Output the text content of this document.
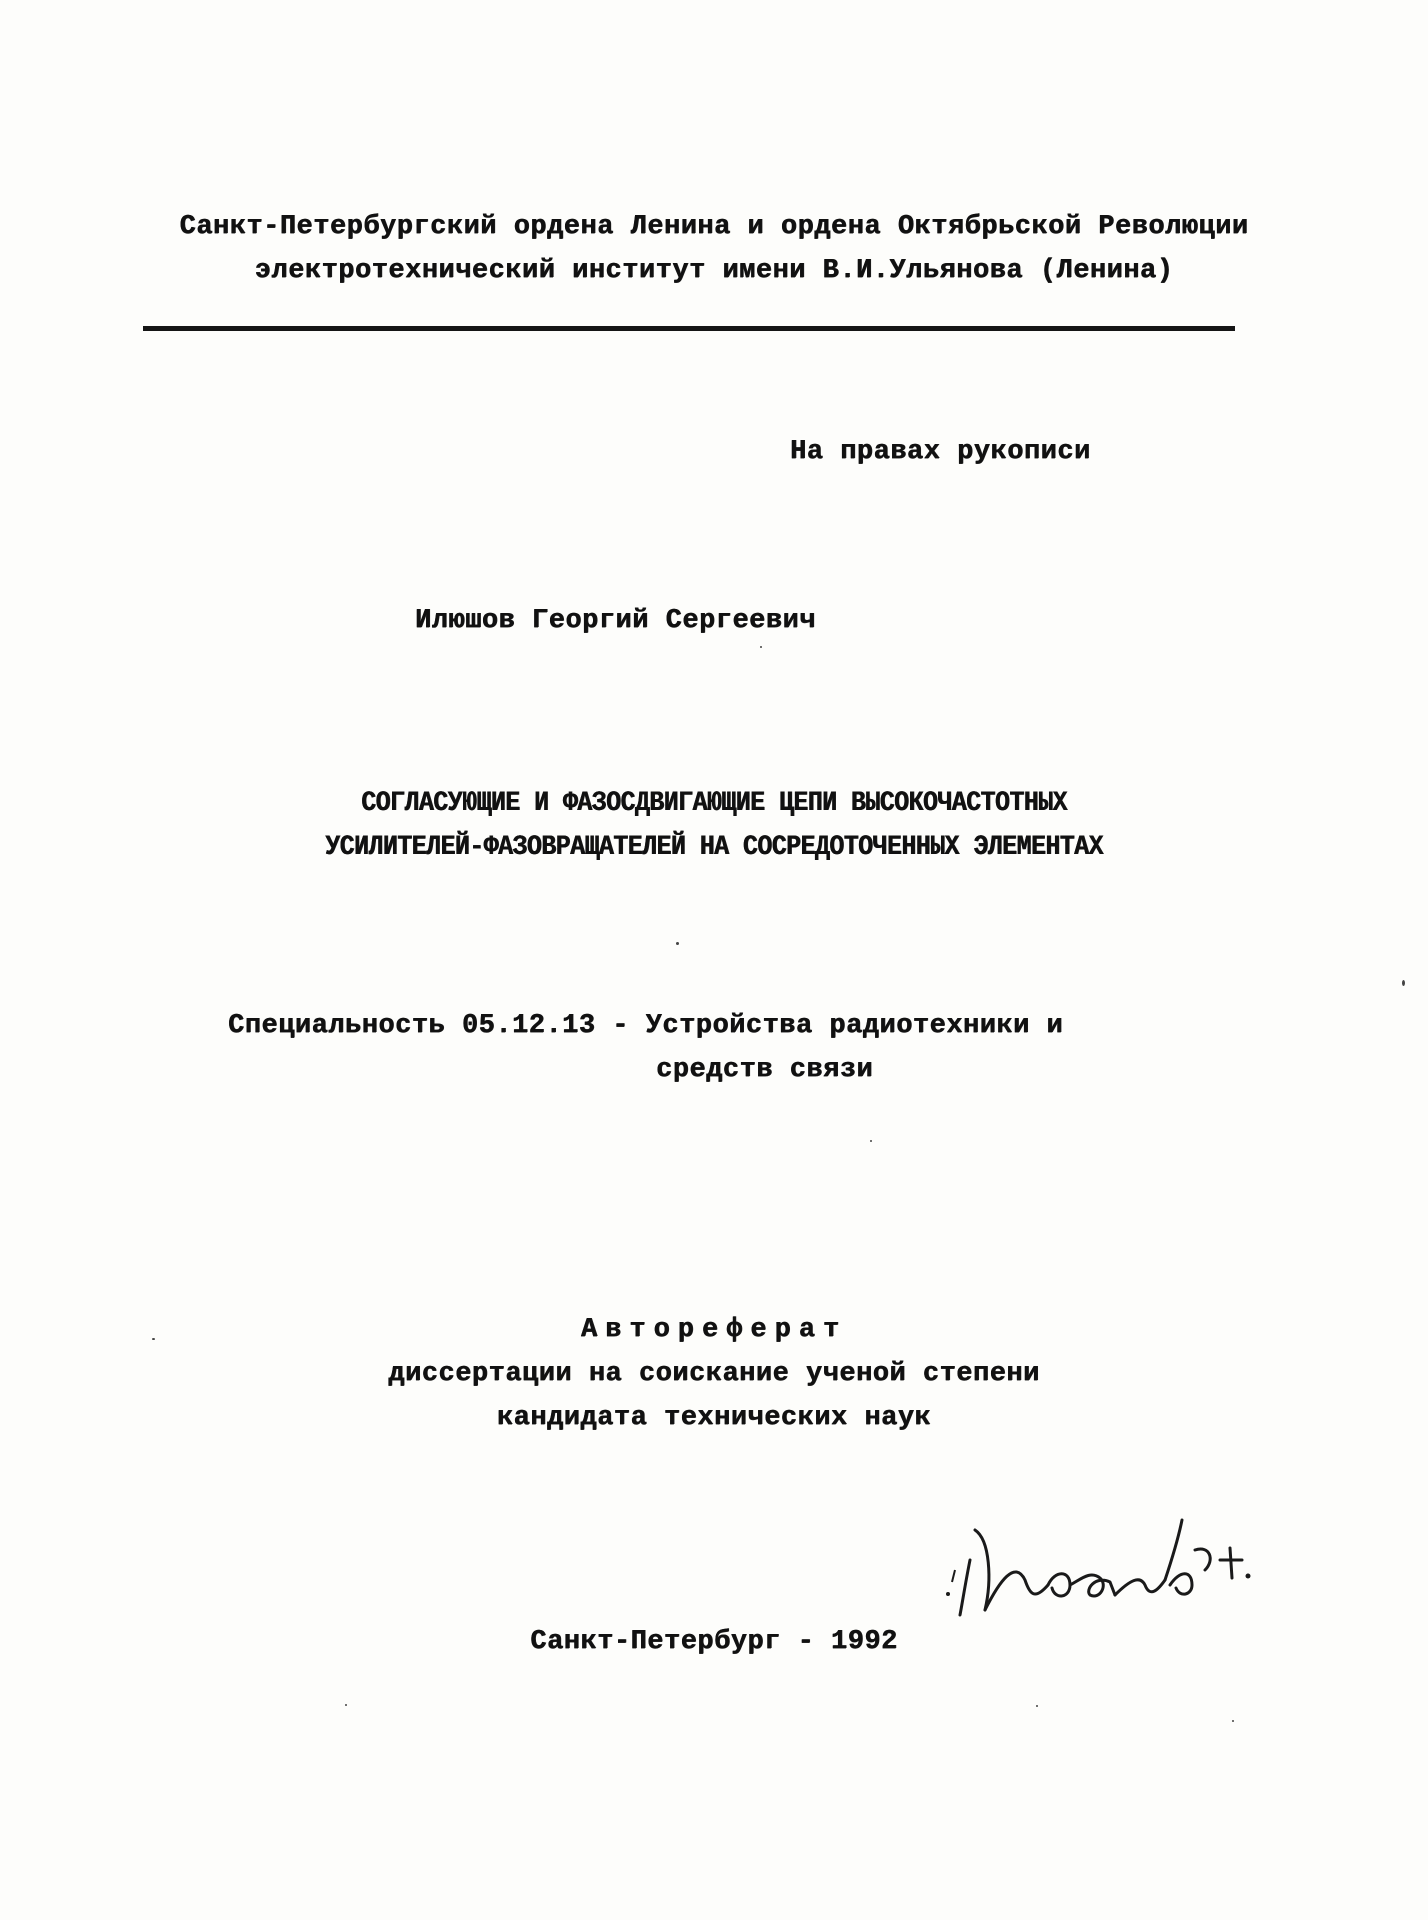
Санкт-Петербургский ордена Ленина и ордена Октябрьской Революции
электротехнический институт имени В.И.Ульянова (Ленина)
На правах рукописи
Илюшов Георгий Сергеевич
СОГЛАСУЮЩИЕ И ФАЗОСДВИГАЮЩИЕ ЦЕПИ ВЫСОКОЧАСТОТНЫХ
УСИЛИТЕЛЕЙ-ФАЗОВРАЩАТЕЛЕЙ НА СОСРЕДОТОЧЕННЫХ ЭЛЕМЕНТАХ
Специальность 05.12.13 - Устройства радиотехники и
средств связи
Автореферат
диссертации на соискание ученой степени
кандидата технических наук
Санкт-Петербург - 1992
